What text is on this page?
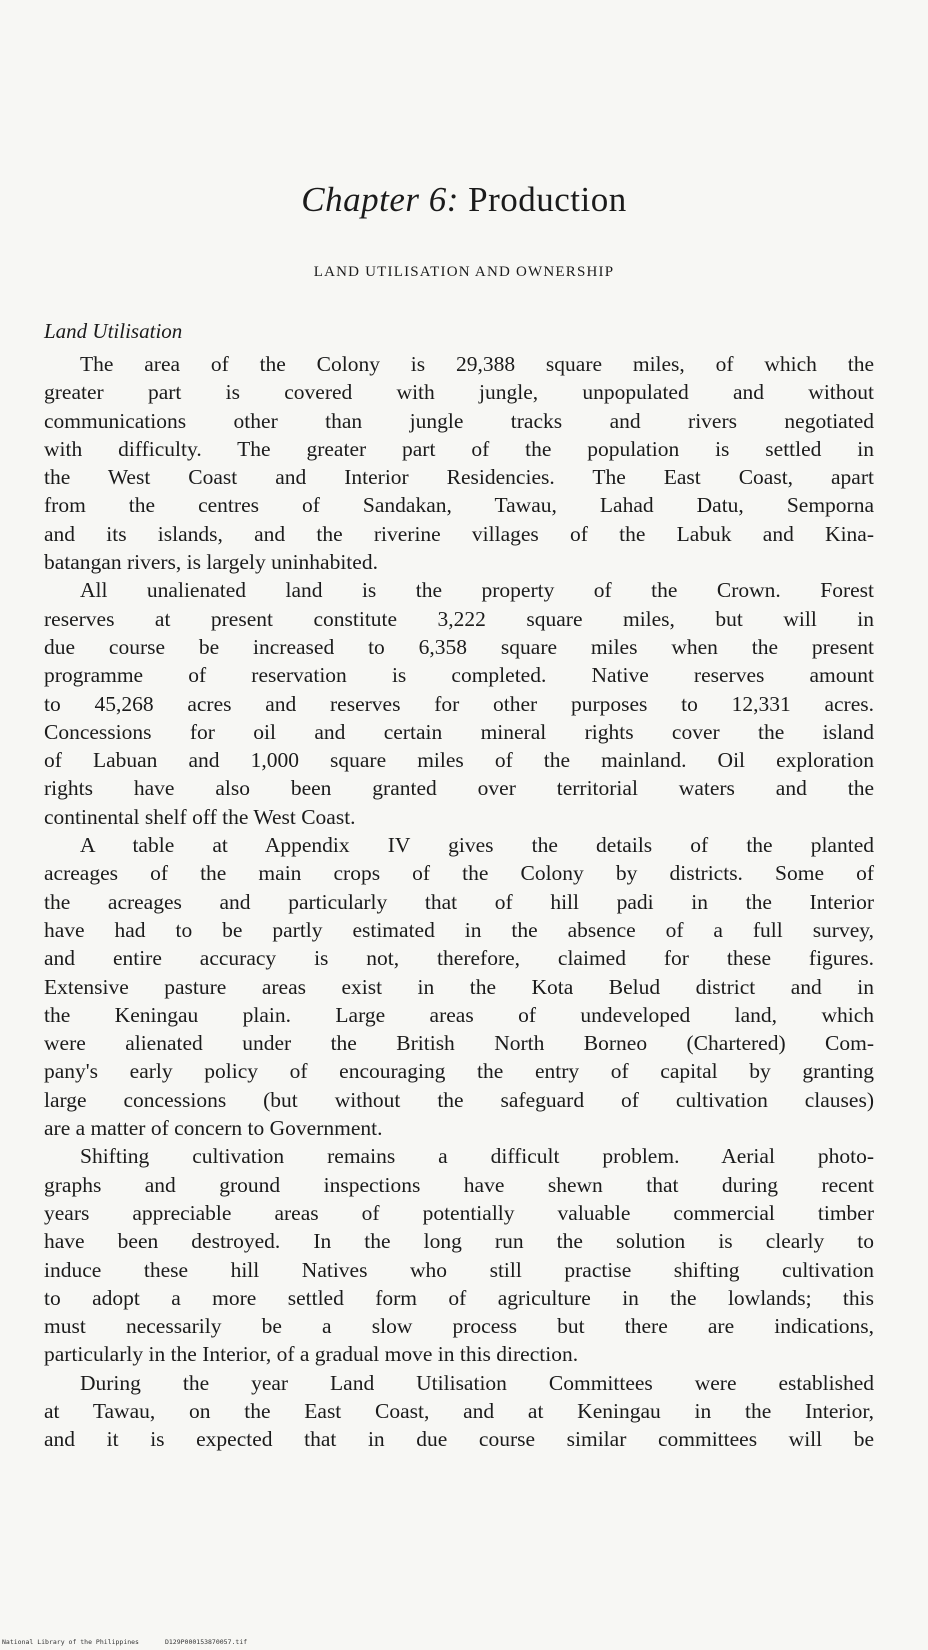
Chapter 6: Production
LAND UTILISATION AND OWNERSHIP
Land Utilisation
The area of the Colony is 29,388 square miles, of which the
greater part is covered with jungle, unpopulated and without
communications other than jungle tracks and rivers negotiated
with difficulty. The greater part of the population is settled in
the West Coast and Interior Residencies. The East Coast, apart
from the centres of Sandakan, Tawau, Lahad Datu, Semporna
and its islands, and the riverine villages of the Labuk and Kina-
batangan rivers, is largely uninhabited.
All unalienated land is the property of the Crown. Forest
reserves at present constitute 3,222 square miles, but will in
due course be increased to 6,358 square miles when the present
programme of reservation is completed. Native reserves amount
to 45,268 acres and reserves for other purposes to 12,331 acres.
Concessions for oil and certain mineral rights cover the island
of Labuan and 1,000 square miles of the mainland. Oil exploration
rights have also been granted over territorial waters and the
continental shelf off the West Coast.
A table at Appendix IV gives the details of the planted
acreages of the main crops of the Colony by districts. Some of
the acreages and particularly that of hill padi in the Interior
have had to be partly estimated in the absence of a full survey,
and entire accuracy is not, therefore, claimed for these figures.
Extensive pasture areas exist in the Kota Belud district and in
the Keningau plain. Large areas of undeveloped land, which
were alienated under the British North Borneo (Chartered) Com-
pany's early policy of encouraging the entry of capital by granting
large concessions (but without the safeguard of cultivation clauses)
are a matter of concern to Government.
Shifting cultivation remains a difficult problem. Aerial photo-
graphs and ground inspections have shewn that during recent
years appreciable areas of potentially valuable commercial timber
have been destroyed. In the long run the solution is clearly to
induce these hill Natives who still practise shifting cultivation
to adopt a more settled form of agriculture in the lowlands; this
must necessarily be a slow process but there are indications,
particularly in the Interior, of a gradual move in this direction.
During the year Land Utilisation Committees were established
at Tawau, on the East Coast, and at Keningau in the Interior,
and it is expected that in due course similar committees will be
National Library of the Philippines	D129P000153870057.tif
